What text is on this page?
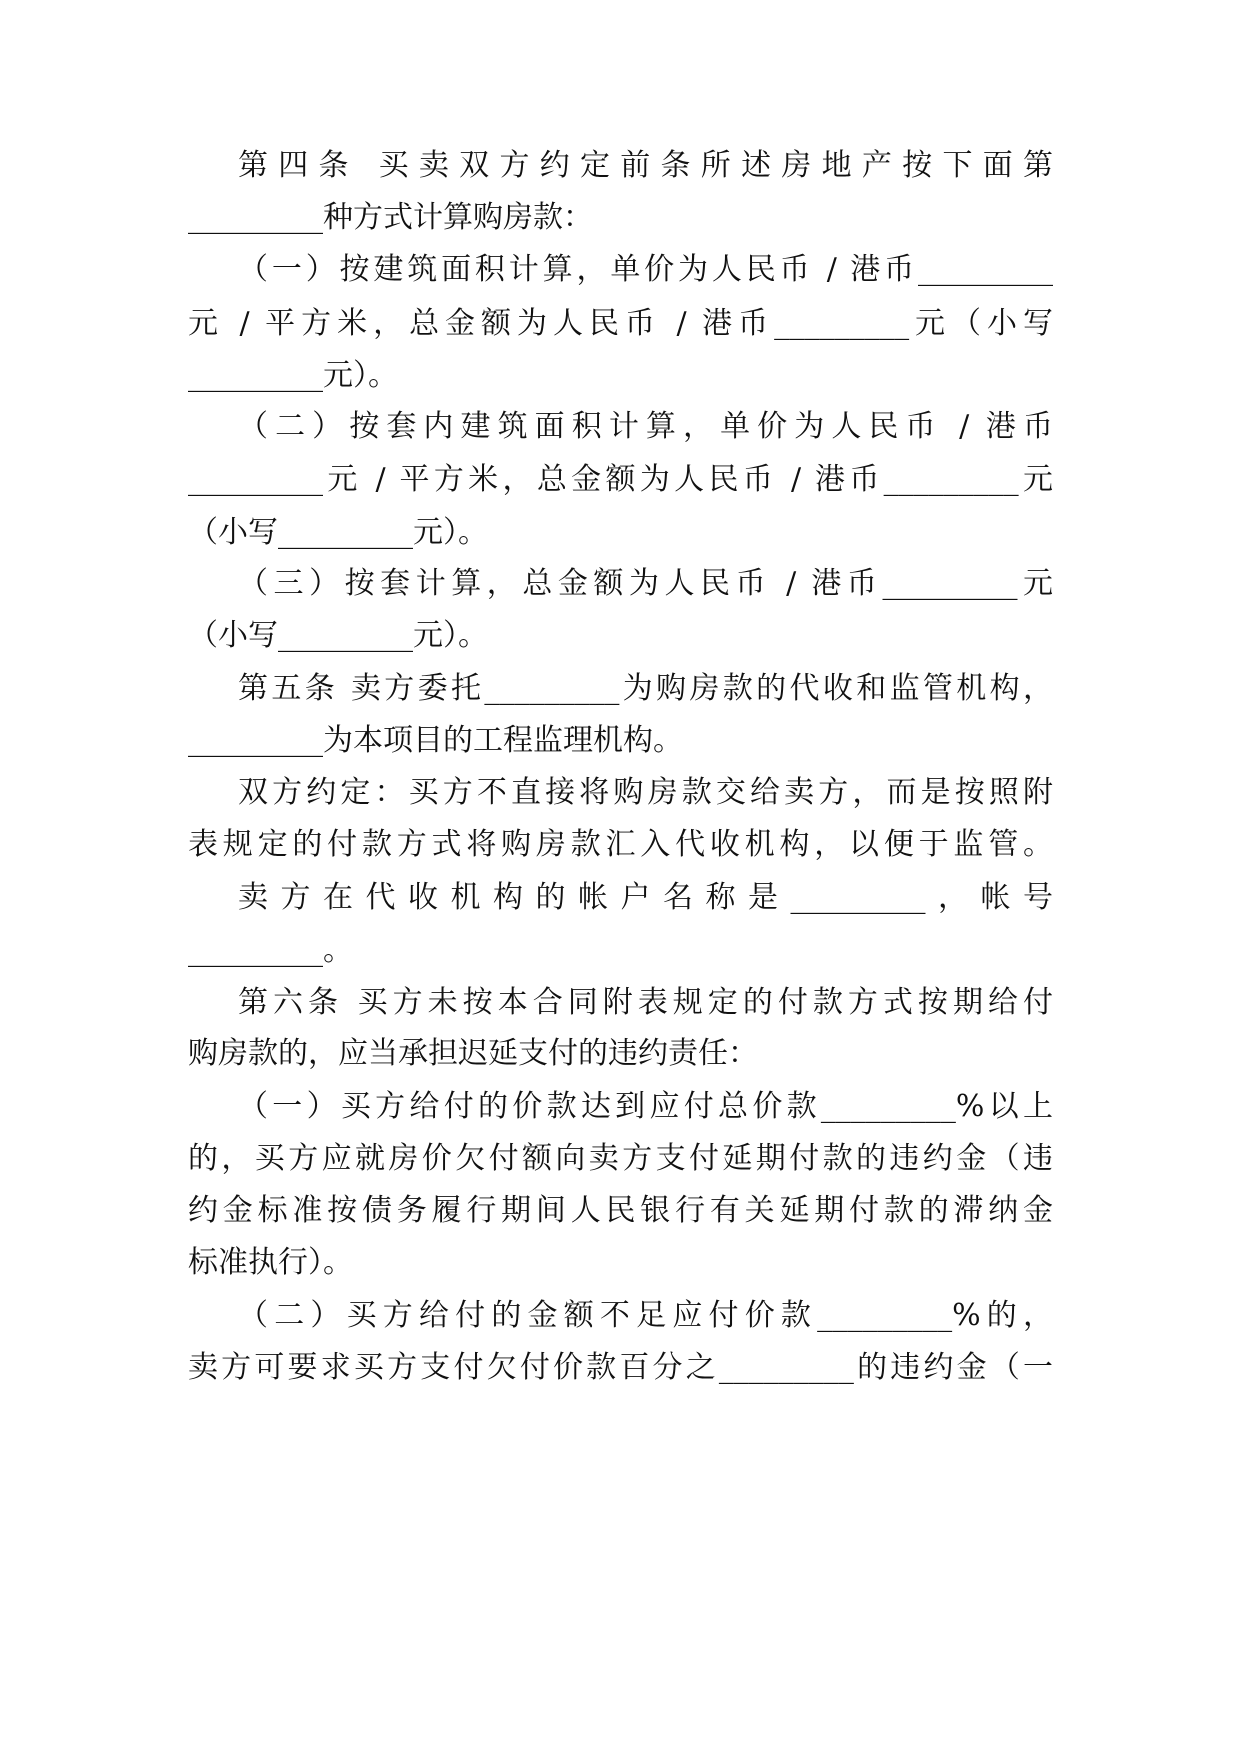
第四条 买卖双方约定前条所述房地产按下面第
_________种方式计算购房款：
（一）按建筑面积计算，单价为人民币 / 港币_________
元 / 平方米，总金额为人民币 / 港币_________元（小写
_________元）。
（二）按套内建筑面积计算，单价为人民币 / 港币
_________元 / 平方米，总金额为人民币 / 港币_________元
（小写_________元）。
（三）按套计算，总金额为人民币 / 港币_________元
（小写_________元）。
第五条 卖方委托_________为购房款的代收和监管机构，
_________为本项目的工程监理机构。
双方约定：买方不直接将购房款交给卖方，而是按照附
表规定的付款方式将购房款汇入代收机构，以便于监管。
卖方在代收机构的帐户名称是_________，帐号
_________。
第六条 买方未按本合同附表规定的付款方式按期给付
购房款的，应当承担迟延支付的违约责任：
（一）买方给付的价款达到应付总价款_________%以上
的，买方应就房价欠付额向卖方支付延期付款的违约金（违
约金标准按债务履行期间人民银行有关延期付款的滞纳金
标准执行）。
（二）买方给付的金额不足应付价款_________%的，
卖方可要求买方支付欠付价款百分之_________的违约金（一
